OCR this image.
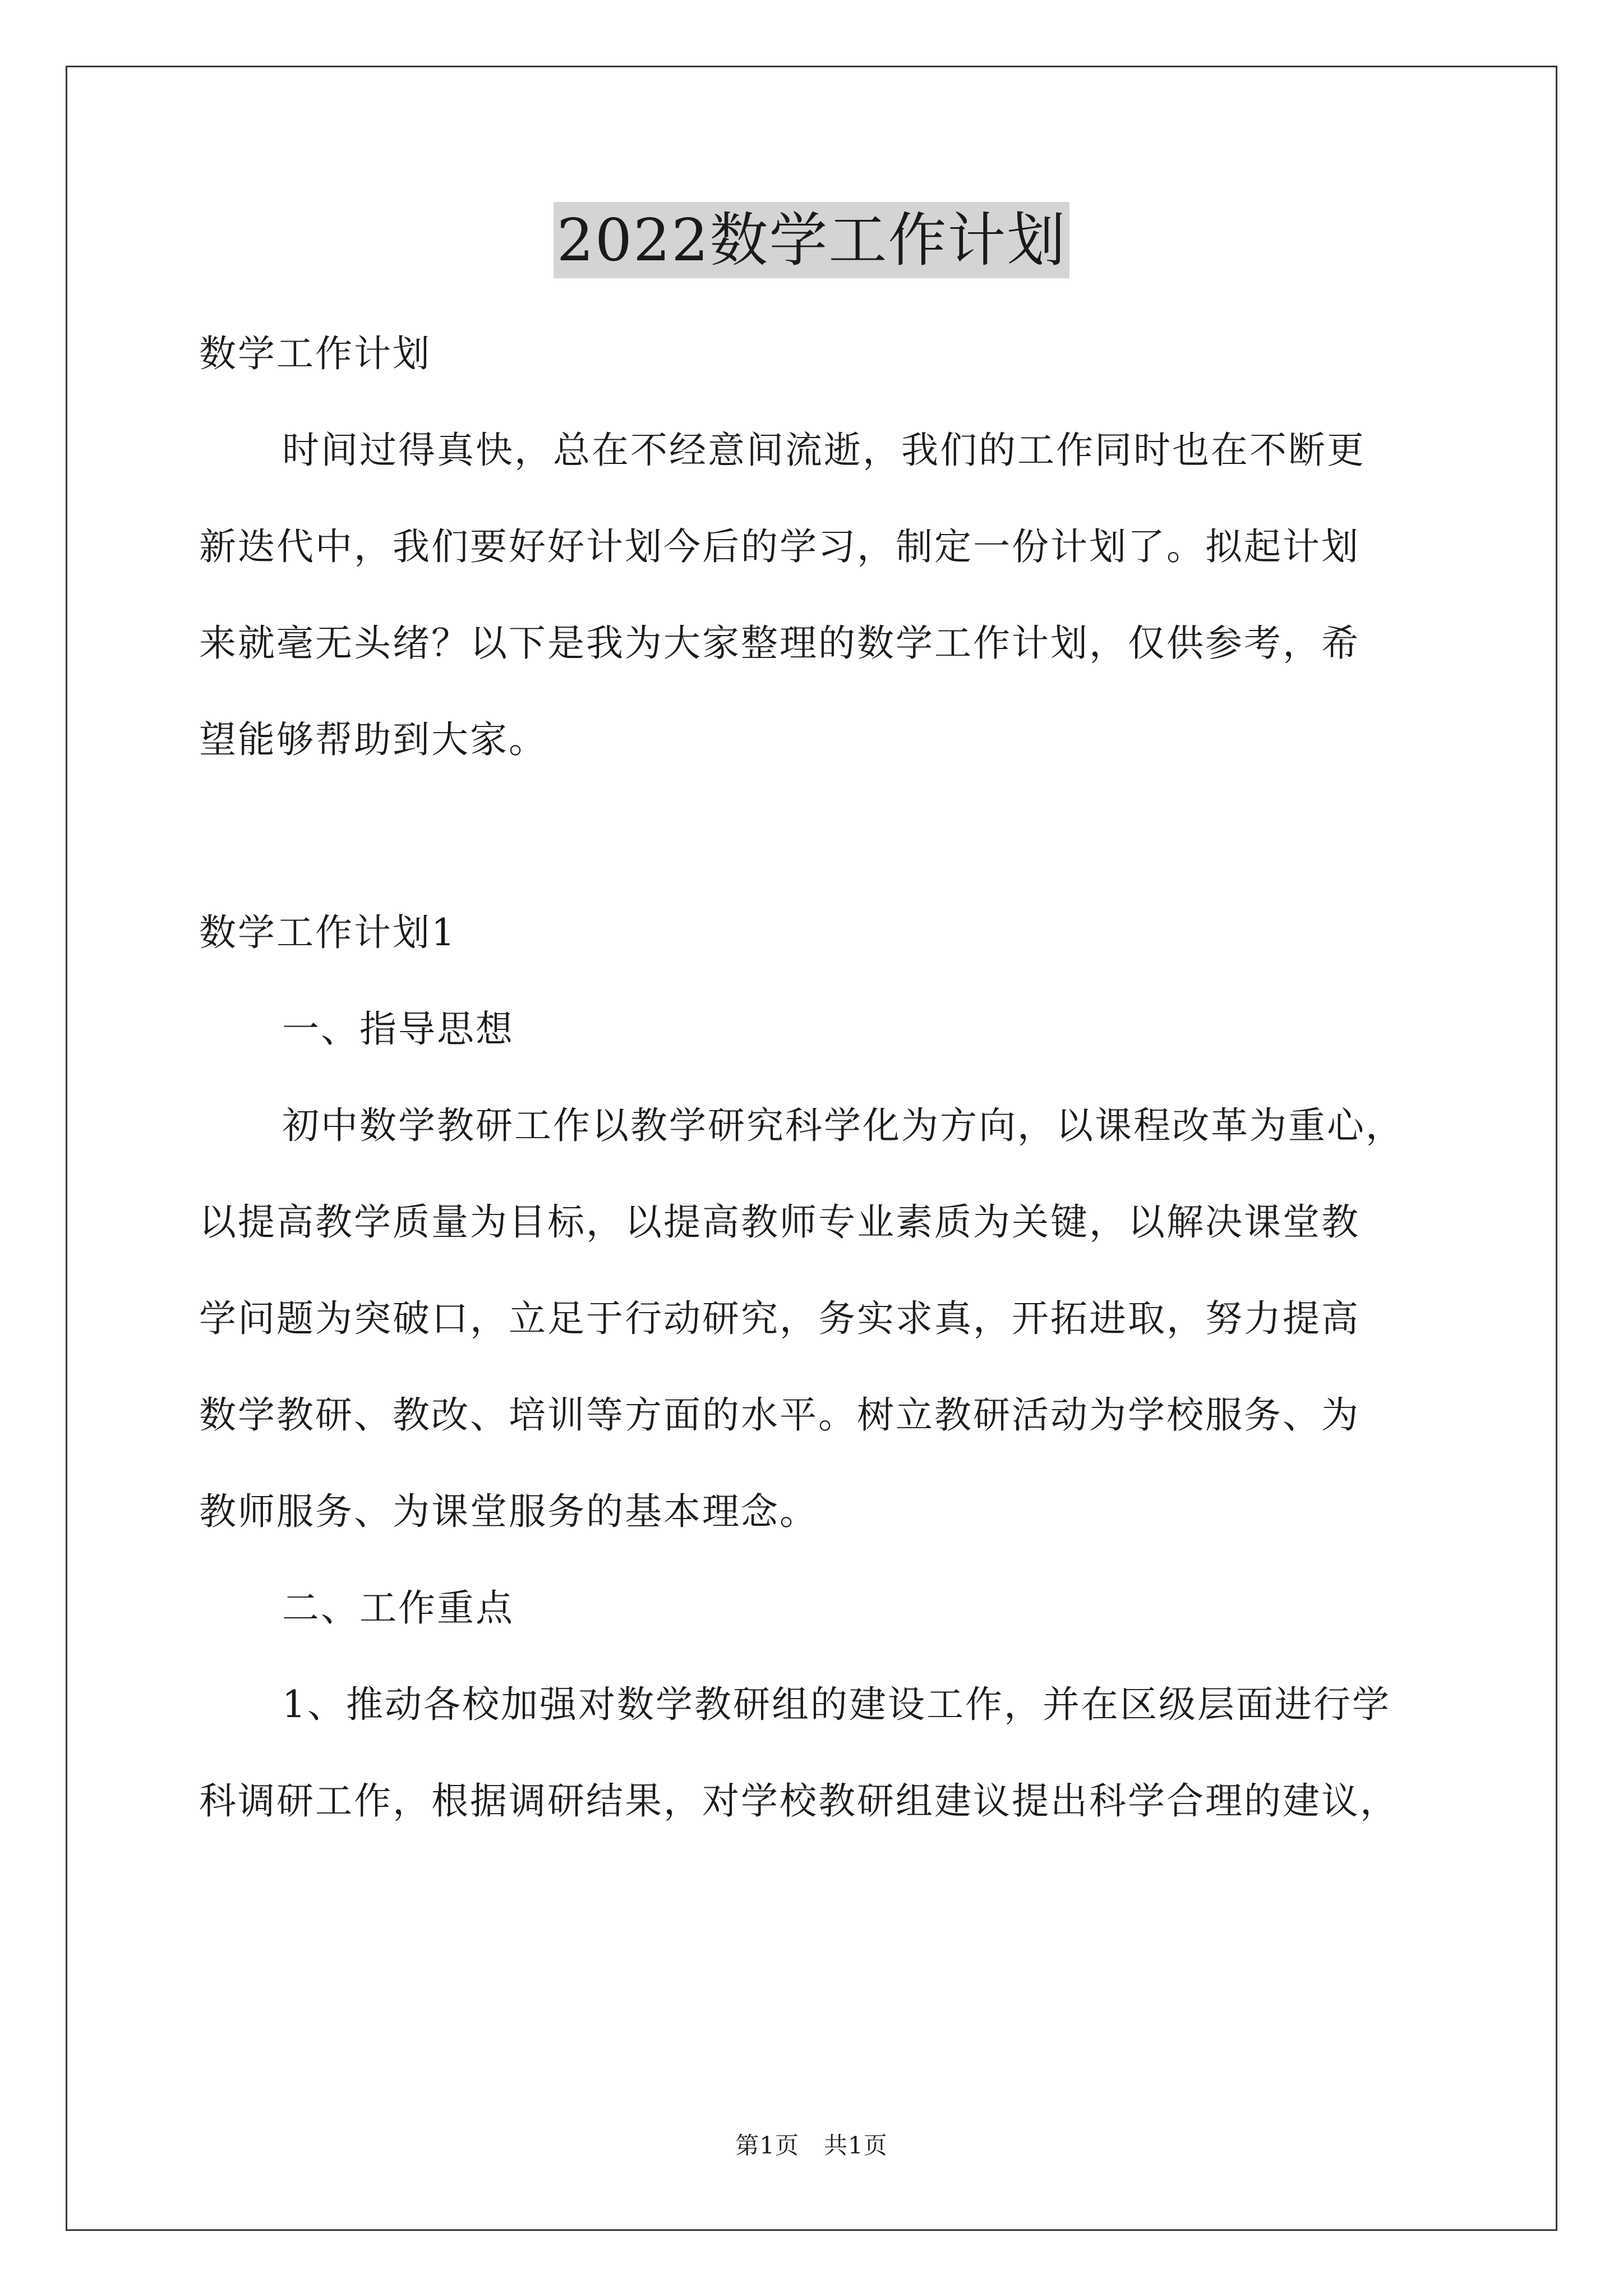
2022数学工作计划

数学工作计划

时间过得真快，总在不经意间流逝，我们的工作同时也在不断更

新迭代中，我们要好好计划今后的学习，制定一份计划了。拟起计划

来就毫无头绪？以下是我为大家整理的数学工作计划，仅供参考，希

望能够帮助到大家。

数学工作计划1

一、指导思想

初中数学教研工作以教学研究科学化为方向，以课程改革为重心，

以提高教学质量为目标，以提高教师专业素质为关键，以解决课堂教

学问题为突破口，立足于行动研究，务实求真，开拓进取，努力提高

数学教研、教改、培训等方面的水平。树立教研活动为学校服务、为

教师服务、为课堂服务的基本理念。

二、工作重点

1、推动各校加强对数学教研组的建设工作，并在区级层面进行学

科调研工作，根据调研结果，对学校教研组建议提出科学合理的建议，

第1页 共1页
